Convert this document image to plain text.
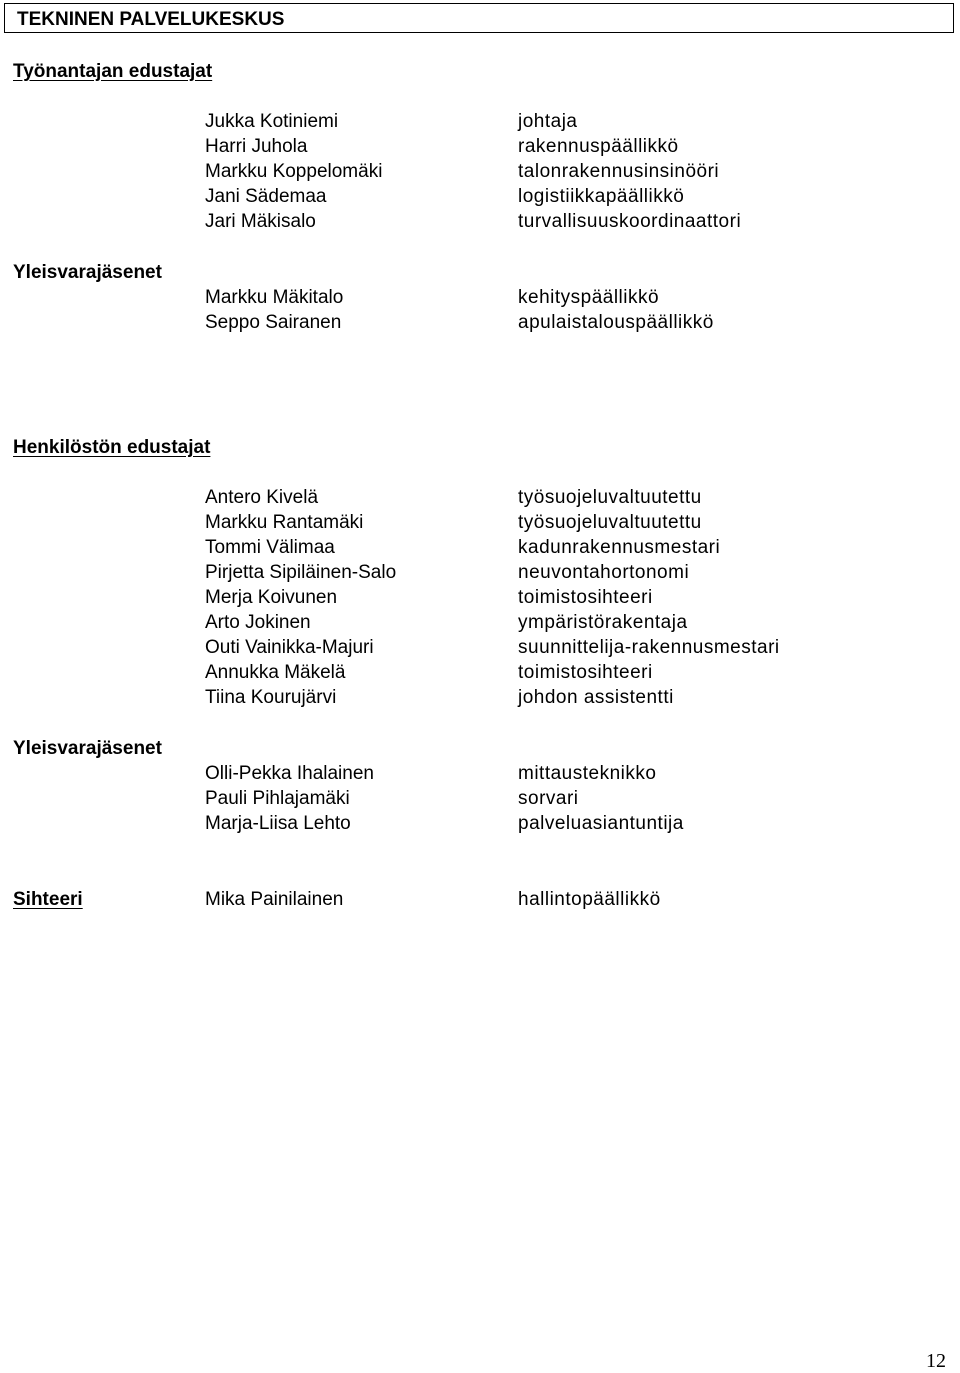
TEKNINEN PALVELUKESKUS
Työnantajan edustajat
Jukka Kotiniemi	johtaja
Harri Juhola	rakennuspäällikkö
Markku Koppelomäki	talonrakennusinsinööri
Jani Sädemaa	logistiikkapäällikkö
Jari Mäkisalo	turvallisuuskoordinaattori
Yleisvarajäsenet
Markku Mäkitalo	kehityspäällikkö
Seppo Sairanen	apulaistalouspäällikkö
Henkilöstön edustajat
Antero Kivelä	työsuojeluvaltuutettu
Markku Rantamäki	työsuojeluvaltuutettu
Tommi Välimaa	kadunrakennusmestari
Pirjetta Sipiläinen-Salo	neuvontahortonomi
Merja Koivunen	toimistosihteeri
Arto Jokinen	ympäristörakentaja
Outi Vainikka-Majuri	suunnittelija-rakennusmestari
Annukka Mäkelä	toimistosihteeri
Tiina Kourujärvi	johdon assistentti
Yleisvarajäsenet
Olli-Pekka Ihalainen	mittausteknikko
Pauli Pihlajamäki	sorvari
Marja-Liisa Lehto	palveluasiantuntija
Sihteeri	Mika Painilainen	hallintopäällikkö
12
